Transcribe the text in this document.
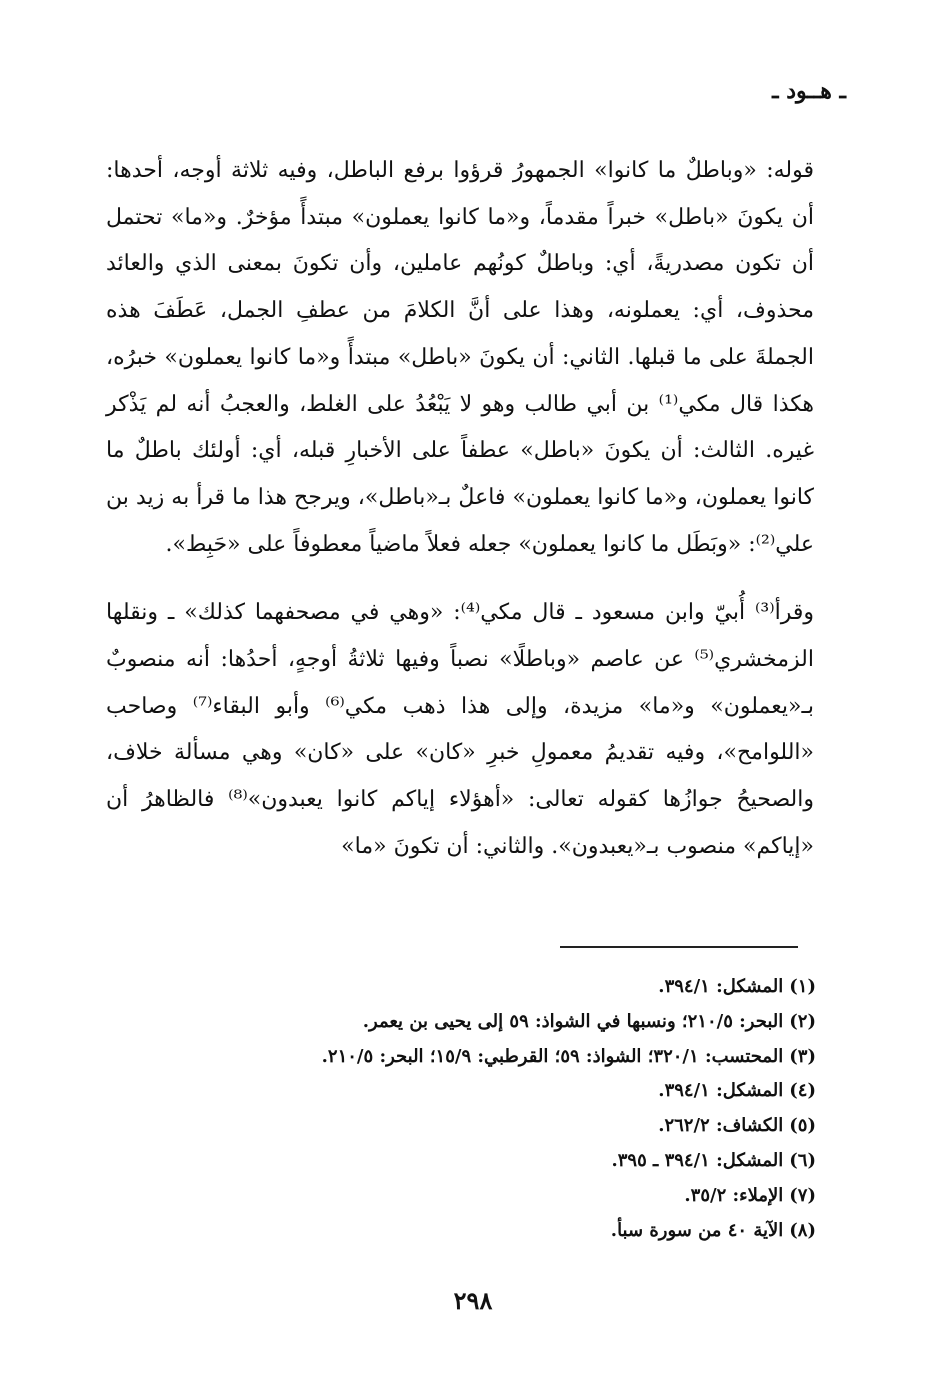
ـ هــود ـ

قوله: «وباطلٌ ما كانوا» الجمهورُ قرؤوا برفع الباطل، وفيه ثلاثة أوجه، أحدها: أن يكونَ «باطل» خبراً مقدماً، و«ما كانوا يعملون» مبتدأً مؤخرٌ. و«ما» تحتمل أن تكون مصدريةً، أي: وباطلٌ كونُهم عاملين، وأن تكونَ بمعنى الذي والعائد محذوف، أي: يعملونه، وهذا على أنَّ الكلامَ من عطفِ الجمل، عَطَفَ هذه الجملةَ على ما قبلها. الثاني: أن يكونَ «باطل» مبتدأً و«ما كانوا يعملون» خبرُه، هكذا قال مكي⁽¹⁾ بن أبي طالب وهو لا يَبْعُدُ على الغلط، والعجبُ أنه لم يَذْكر غيره. الثالث: أن يكونَ «باطل» عطفاً على الأخبارِ قبله، أي: أولئك باطلٌ ما كانوا يعملون، و«ما كانوا يعملون» فاعلٌ بـ«باطل»، ويرجح هذا ما قرأ به زيد بن علي⁽²⁾: «وبَطَل ما كانوا يعملون» جعله فعلاً ماضياً معطوفاً على «حَبِط».

وقرأ⁽³⁾ أُبيّ وابن مسعود ـ قال مكي⁽⁴⁾: «وهي في مصحفهما كذلك» ـ ونقلها الزمخشري⁽⁵⁾ عن عاصم «وباطلًا» نصباً وفيها ثلاثةُ أوجهٍ، أحدُها: أنه منصوبٌ بـ«يعملون» و«ما» مزيدة، وإلى هذا ذهب مكي⁽⁶⁾ وأبو البقاء⁽⁷⁾ وصاحب «اللوامح»، وفيه تقديمُ معمولِ خبرِ «كان» على «كان» وهي مسألة خلاف، والصحيحُ جوازُها كقوله تعالى: «أهؤلاء إياكم كانوا يعبدون»⁽⁸⁾ فالظاهرُ أن «إياكم» منصوب بـ«يعبدون». والثاني: أن تكونَ «ما»

(١)المشكل: ٣٩٤/١.
(٢)البحر: ٢١٠/٥؛ ونسبها في الشواذ: ٥٩ إلى يحيى بن يعمر.
(٣)المحتسب: ٣٢٠/١؛ الشواذ: ٥٩؛ القرطبي: ١٥/٩؛ البحر: ٢١٠/٥.
(٤)المشكل: ٣٩٤/١.
(٥)الكشاف: ٢٦٢/٢.
(٦)المشكل: ٣٩٤/١ ـ ٣٩٥.
(٧)الإملاء: ٣٥/٢.
(٨)الآية ٤٠ من سورة سبأ.
٢٩٨
